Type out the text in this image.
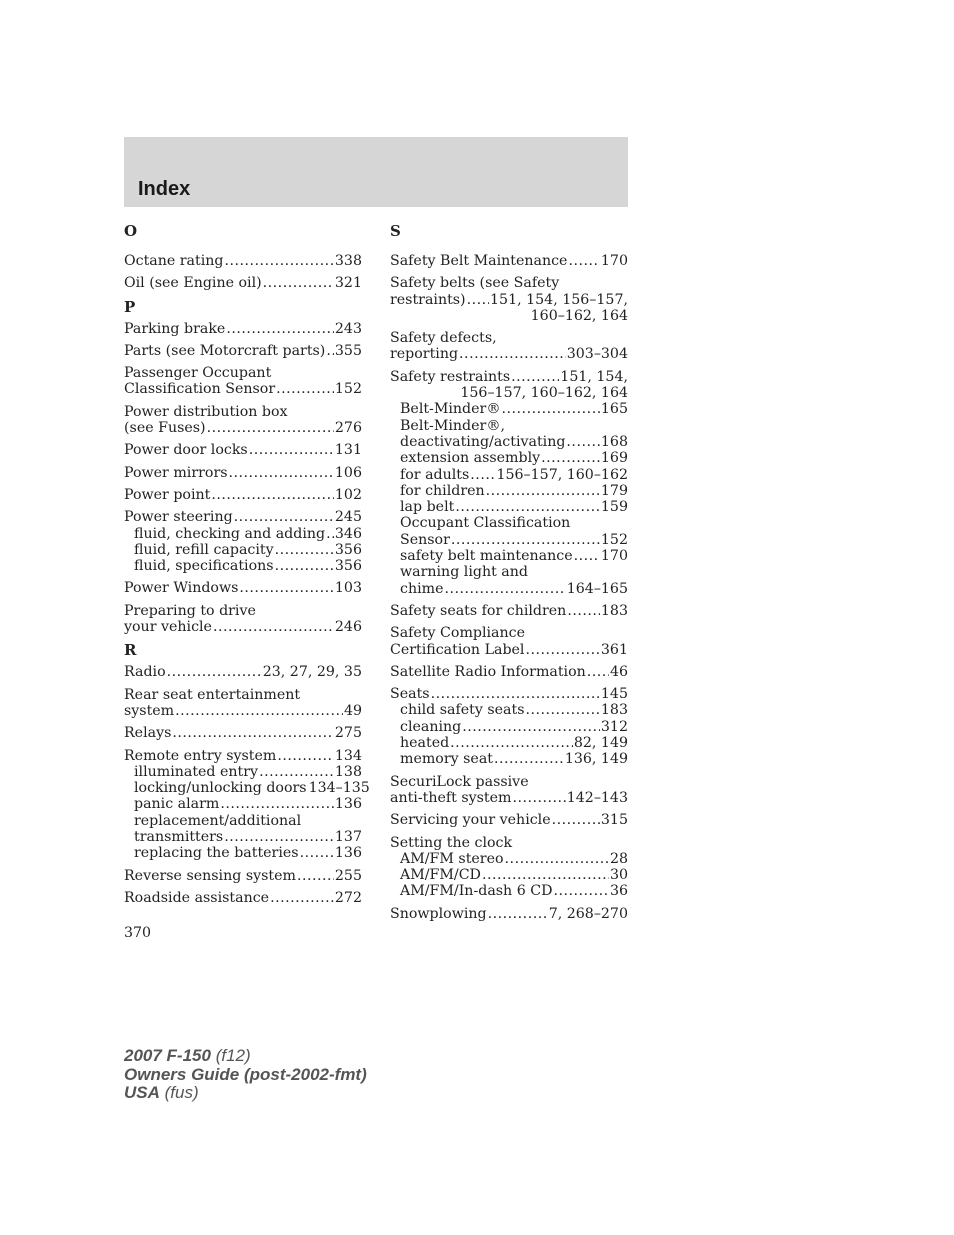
Index
O
Octane rating .....	338
Oil (see Engine oil) .....	321
P
Parking brake .....	243
Parts (see Motorcraft parts) ..... 355
Passenger Occupant
Classification Sensor .....	152
Power distribution box
(see Fuses) .....	276
Power door locks .....	131
Power mirrors .....	106
Power point .....	102
Power steering .....	245
fluid, checking and adding ..... 346
fluid, refill capacity .....	356
fluid, specifications .....	356
Power Windows .....	103
Preparing to drive
your vehicle .....	246
R
Radio .....	23, 27, 29, 35
Rear seat entertainment
system .....	49
Relays .....	275
Remote entry system .....	134
illuminated entry .....	138
locking/unlocking doors 134–135
panic alarm .....	136
replacement/additional
transmitters .....	137
replacing the batteries .....	136
Reverse sensing system .....	255
Roadside assistance .....	272
S
Safety Belt Maintenance ..... 170
Safety belts (see Safety
restraints) ..... 151, 154, 156–157,
160–162, 164
Safety defects,
reporting .....	303–304
Safety restraints .....	151, 154,
156–157, 160–162, 164
Belt-Minder® .....	165
Belt-Minder®,
deactivating/activating ..... 168
extension assembly .....	169
for adults ..... 156–157, 160–162
for children .....	179
lap belt .....	159
Occupant Classification
Sensor .....	152
safety belt maintenance ..... 170
warning light and
chime .....	164–165
Safety seats for children ..... 183
Safety Compliance
Certification Label .....	361
Satellite Radio Information ..... 46
Seats .....	145
child safety seats .....	183
cleaning .....	312
heated .....	82, 149
memory seat .....	136, 149
SecuriLock passive
anti-theft system .....	142–143
Servicing your vehicle .....	315
Setting the clock
AM/FM stereo .....	28
AM/FM/CD .....	30
AM/FM/In-dash 6 CD .....	36
Snowplowing .....	7, 268–270
370
2007 F-150 (f12)
Owners Guide (post-2002-fmt)
USA (fus)
